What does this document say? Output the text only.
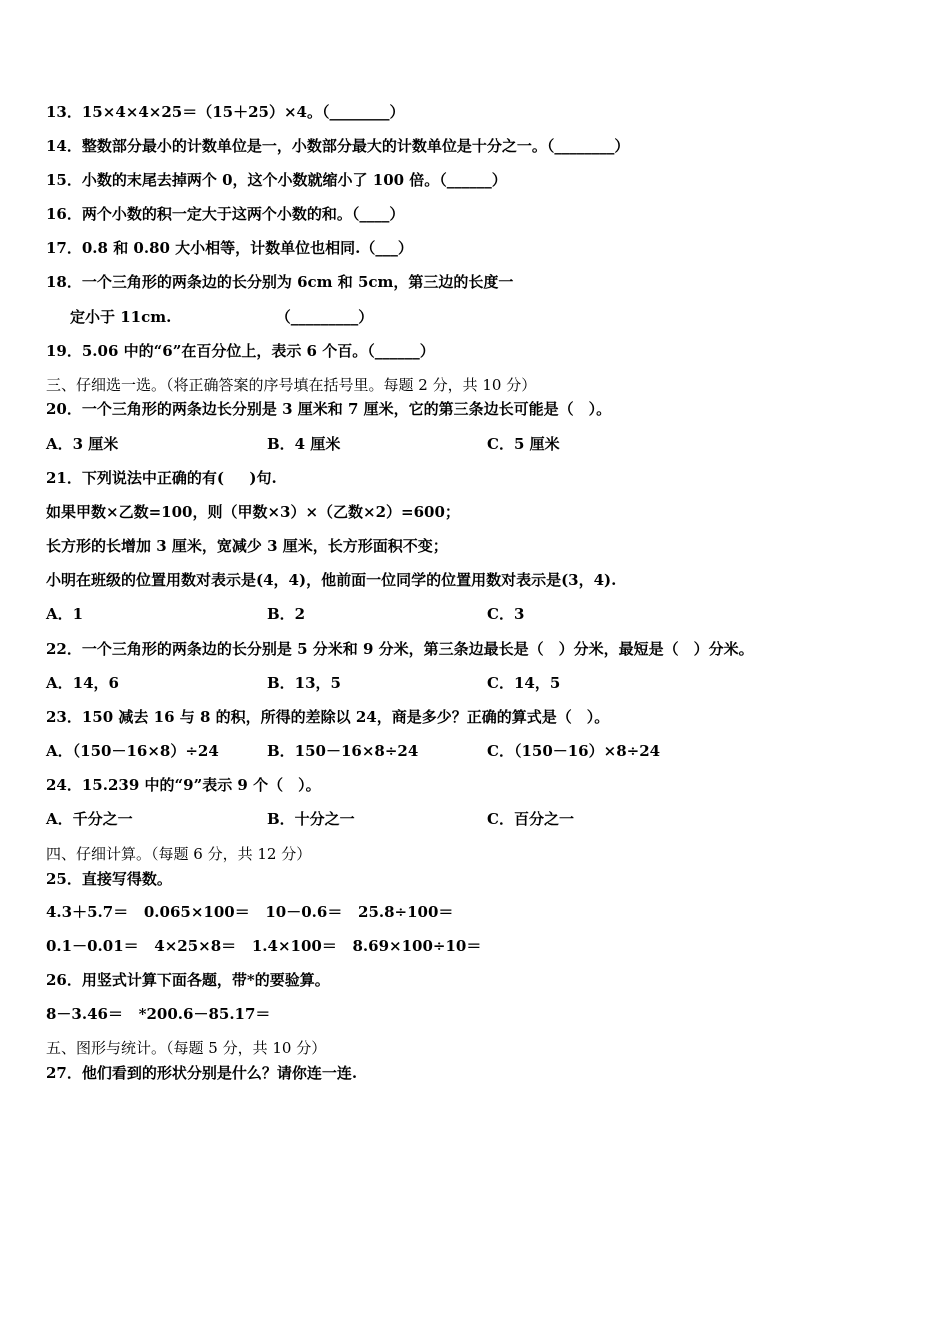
13．15×4×4×25＝（15＋25）×4。（________）
14．整数部分最小的计数单位是一，小数部分最大的计数单位是十分之一。（________）
15．小数的末尾去掉两个 0，这个小数就缩小了 100 倍。（______）
16．两个小数的积一定大于这两个小数的和。（____）
17．0.8 和 0.80 大小相等，计数单位也相同.（___）
18．一个三角形的两条边的长分别为 6cm 和 5cm，第三边的长度一
定小于 11cm.                    （_________）
19．5.06 中的“6”在百分位上，表示 6 个百。（______）
三、仔细选一选。（将正确答案的序号填在括号里。每题 2 分，共 10 分）
20．一个三角形的两条边长分别是 3 厘米和 7 厘米，它的第三条边长可能是（　）。
A．3 厘米	B．4 厘米	C．5 厘米
21．下列说法中正确的有(　  )句.
如果甲数×乙数=100，则（甲数×3）×（乙数×2）=600；
长方形的长增加 3 厘米，宽减少 3 厘米，长方形面积不变；
小明在班级的位置用数对表示是(4，4)，他前面一位同学的位置用数对表示是(3，4).
A．1	B．2	C．3
22．一个三角形的两条边的长分别是 5 分米和 9 分米，第三条边最长是（　）分米，最短是（　）分米。
A．14，6	B．13，5	C．14，5
23．150 减去 16 与 8 的积，所得的差除以 24，商是多少？正确的算式是（　）。
A．（150－16×8）÷24	B．150－16×8÷24	C．（150－16）×8÷24
24．15.239 中的“9”表示 9 个（　）。
A．千分之一	B．十分之一	C．百分之一
四、仔细计算。（每题 6 分，共 12 分）
25．直接写得数。
4.3＋5.7＝   0.065×100＝   10－0.6＝   25.8÷100＝
0.1－0.01＝   4×25×8＝   1.4×100＝   8.69×100÷10＝
26．用竖式计算下面各题，带*的要验算。
8－3.46＝   *200.6－85.17＝
五、图形与统计。（每题 5 分，共 10 分）
27．他们看到的形状分别是什么？请你连一连.
